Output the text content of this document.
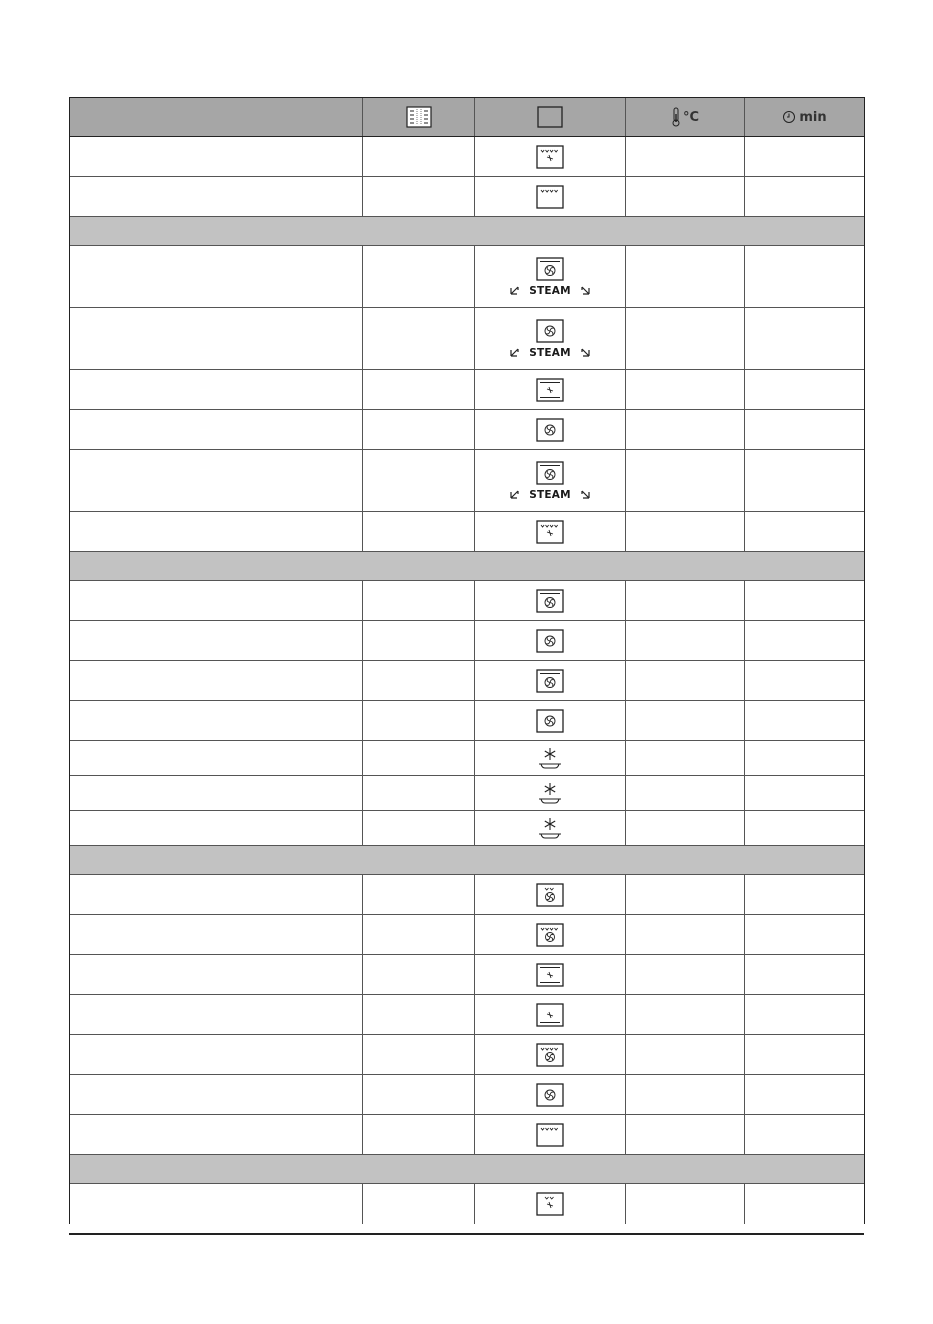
°C	min
STEAM
STEAM
STEAM
